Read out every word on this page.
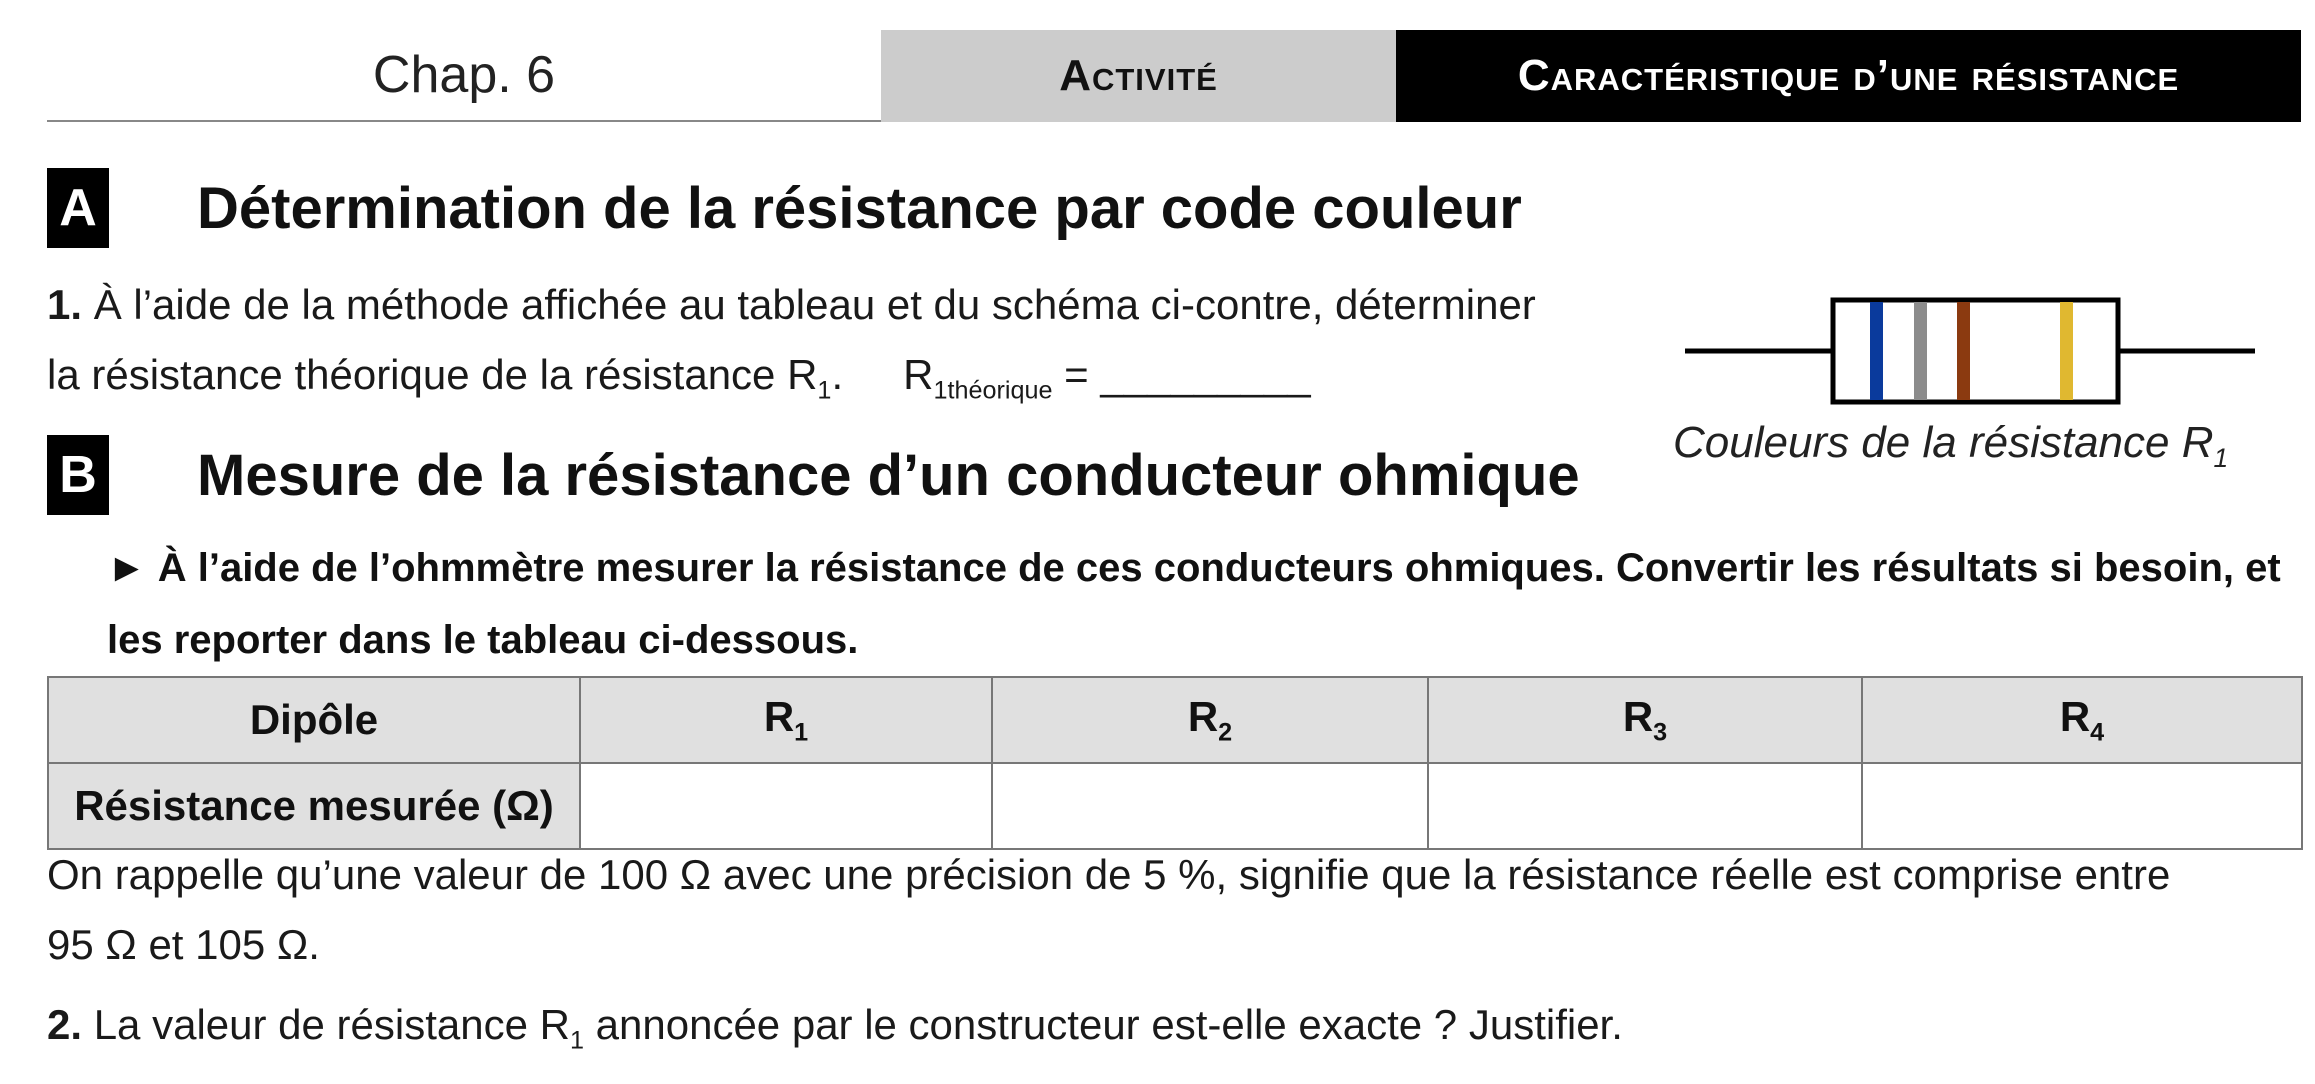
Chap. 6	Activité	Caractéristique d’une résistance
A Détermination de la résistance par code couleur
1. À l’aide de la méthode affichée au tableau et du schéma ci-contre, déterminer
la résistance théorique de la résistance $R_1$. $R_{1théorique}$ = _________
Couleurs de la résistance $R_1$
B Mesure de la résistance d’un conducteur ohmique
► À l’aide de l’ohmmètre mesurer la résistance de ces conducteurs ohmiques. Convertir les résultats si besoin, et les reporter dans le tableau ci-dessous.
Dipôle	$R_1$	$R_2$	$R_3$	$R_4$
Résistance mesurée (Ω)				
On rappelle qu’une valeur de 100 Ω avec une précision de 5 %, signifie que la résistance réelle est comprise entre
95 Ω et 105 Ω.
2. La valeur de résistance $R_1$ annoncée par le constructeur est-elle exacte ? Justifier.
